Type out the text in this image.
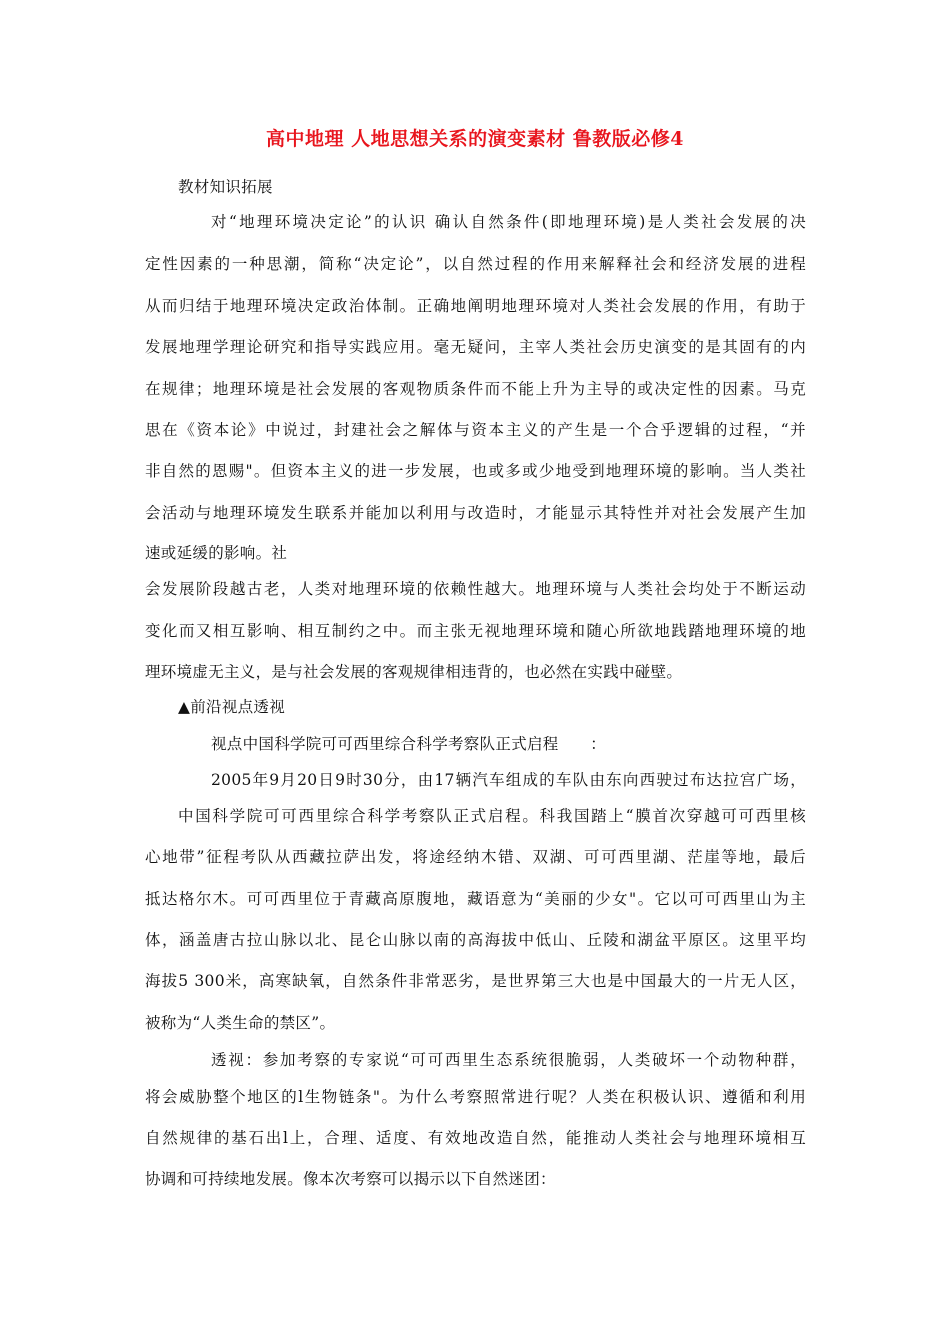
高中地理 人地思想关系的演变素材 鲁教版必修4
教材知识拓展
对“地理环境决定论”的认识 确认自然条件(即地理环境)是人类社会发展的决
定性因素的一种思潮，简称“决定论”，以自然过程的作用来解释社会和经济发展的进程
从而归结于地理环境决定政治体制。正确地阐明地理环境对人类社会发展的作用，有助于
发展地理学理论研究和指导实践应用。毫无疑问，主宰人类社会历史演变的是其固有的内
在规律；地理环境是社会发展的客观物质条件而不能上升为主导的或决定性的因素。马克
思在《资本论》中说过，封建社会之解体与资本主义的产生是一个合乎逻辑的过程，“并
非自然的恩赐"。但资本主义的进一步发展，也或多或少地受到地理环境的影响。当人类社
会活动与地理环境发生联系并能加以利用与改造时，才能显示其特性并对社会发展产生加
速或延缓的影响。社
会发展阶段越古老，人类对地理环境的依赖性越大。地理环境与人类社会均处于不断运动
变化而又相互影响、相互制约之中。而主张无视地理环境和随心所欲地践踏地理环境的地
理环境虚无主义，是与社会发展的客观规律相违背的，也必然在实践中碰壁。
▲前沿视点透视
视点中国科学院可可西里综合科学考察队正式启程　　：
2005年9月20日9时30分，由17辆汽车组成的车队由东向西驶过布达拉宫广场，
中国科学院可可西里综合科学考察队正式启程。科我国踏上“膜首次穿越可可西里核
心地带”征程考队从西藏拉萨出发，将途经纳木错、双湖、可可西里湖、茫崖等地，最后
抵达格尔木。可可西里位于青藏高原腹地，藏语意为“美丽的少女"。它以可可西里山为主
体，涵盖唐古拉山脉以北、昆仑山脉以南的高海拔中低山、丘陵和湖盆平原区。这里平均
海拔5 300米，高寒缺氧，自然条件非常恶劣，是世界第三大也是中国最大的一片无人区，
被称为“人类生命的禁区”。
透视：参加考察的专家说“可可西里生态系统很脆弱，人类破坏一个动物种群，
将会威胁整个地区的l生物链条"。为什么考察照常进行呢？人类在积极认识、遵循和利用
自然规律的基石出l上，合理、适度、有效地改造自然，能推动人类社会与地理环境相互
协调和可持续地发展。像本次考察可以揭示以下自然迷团：
